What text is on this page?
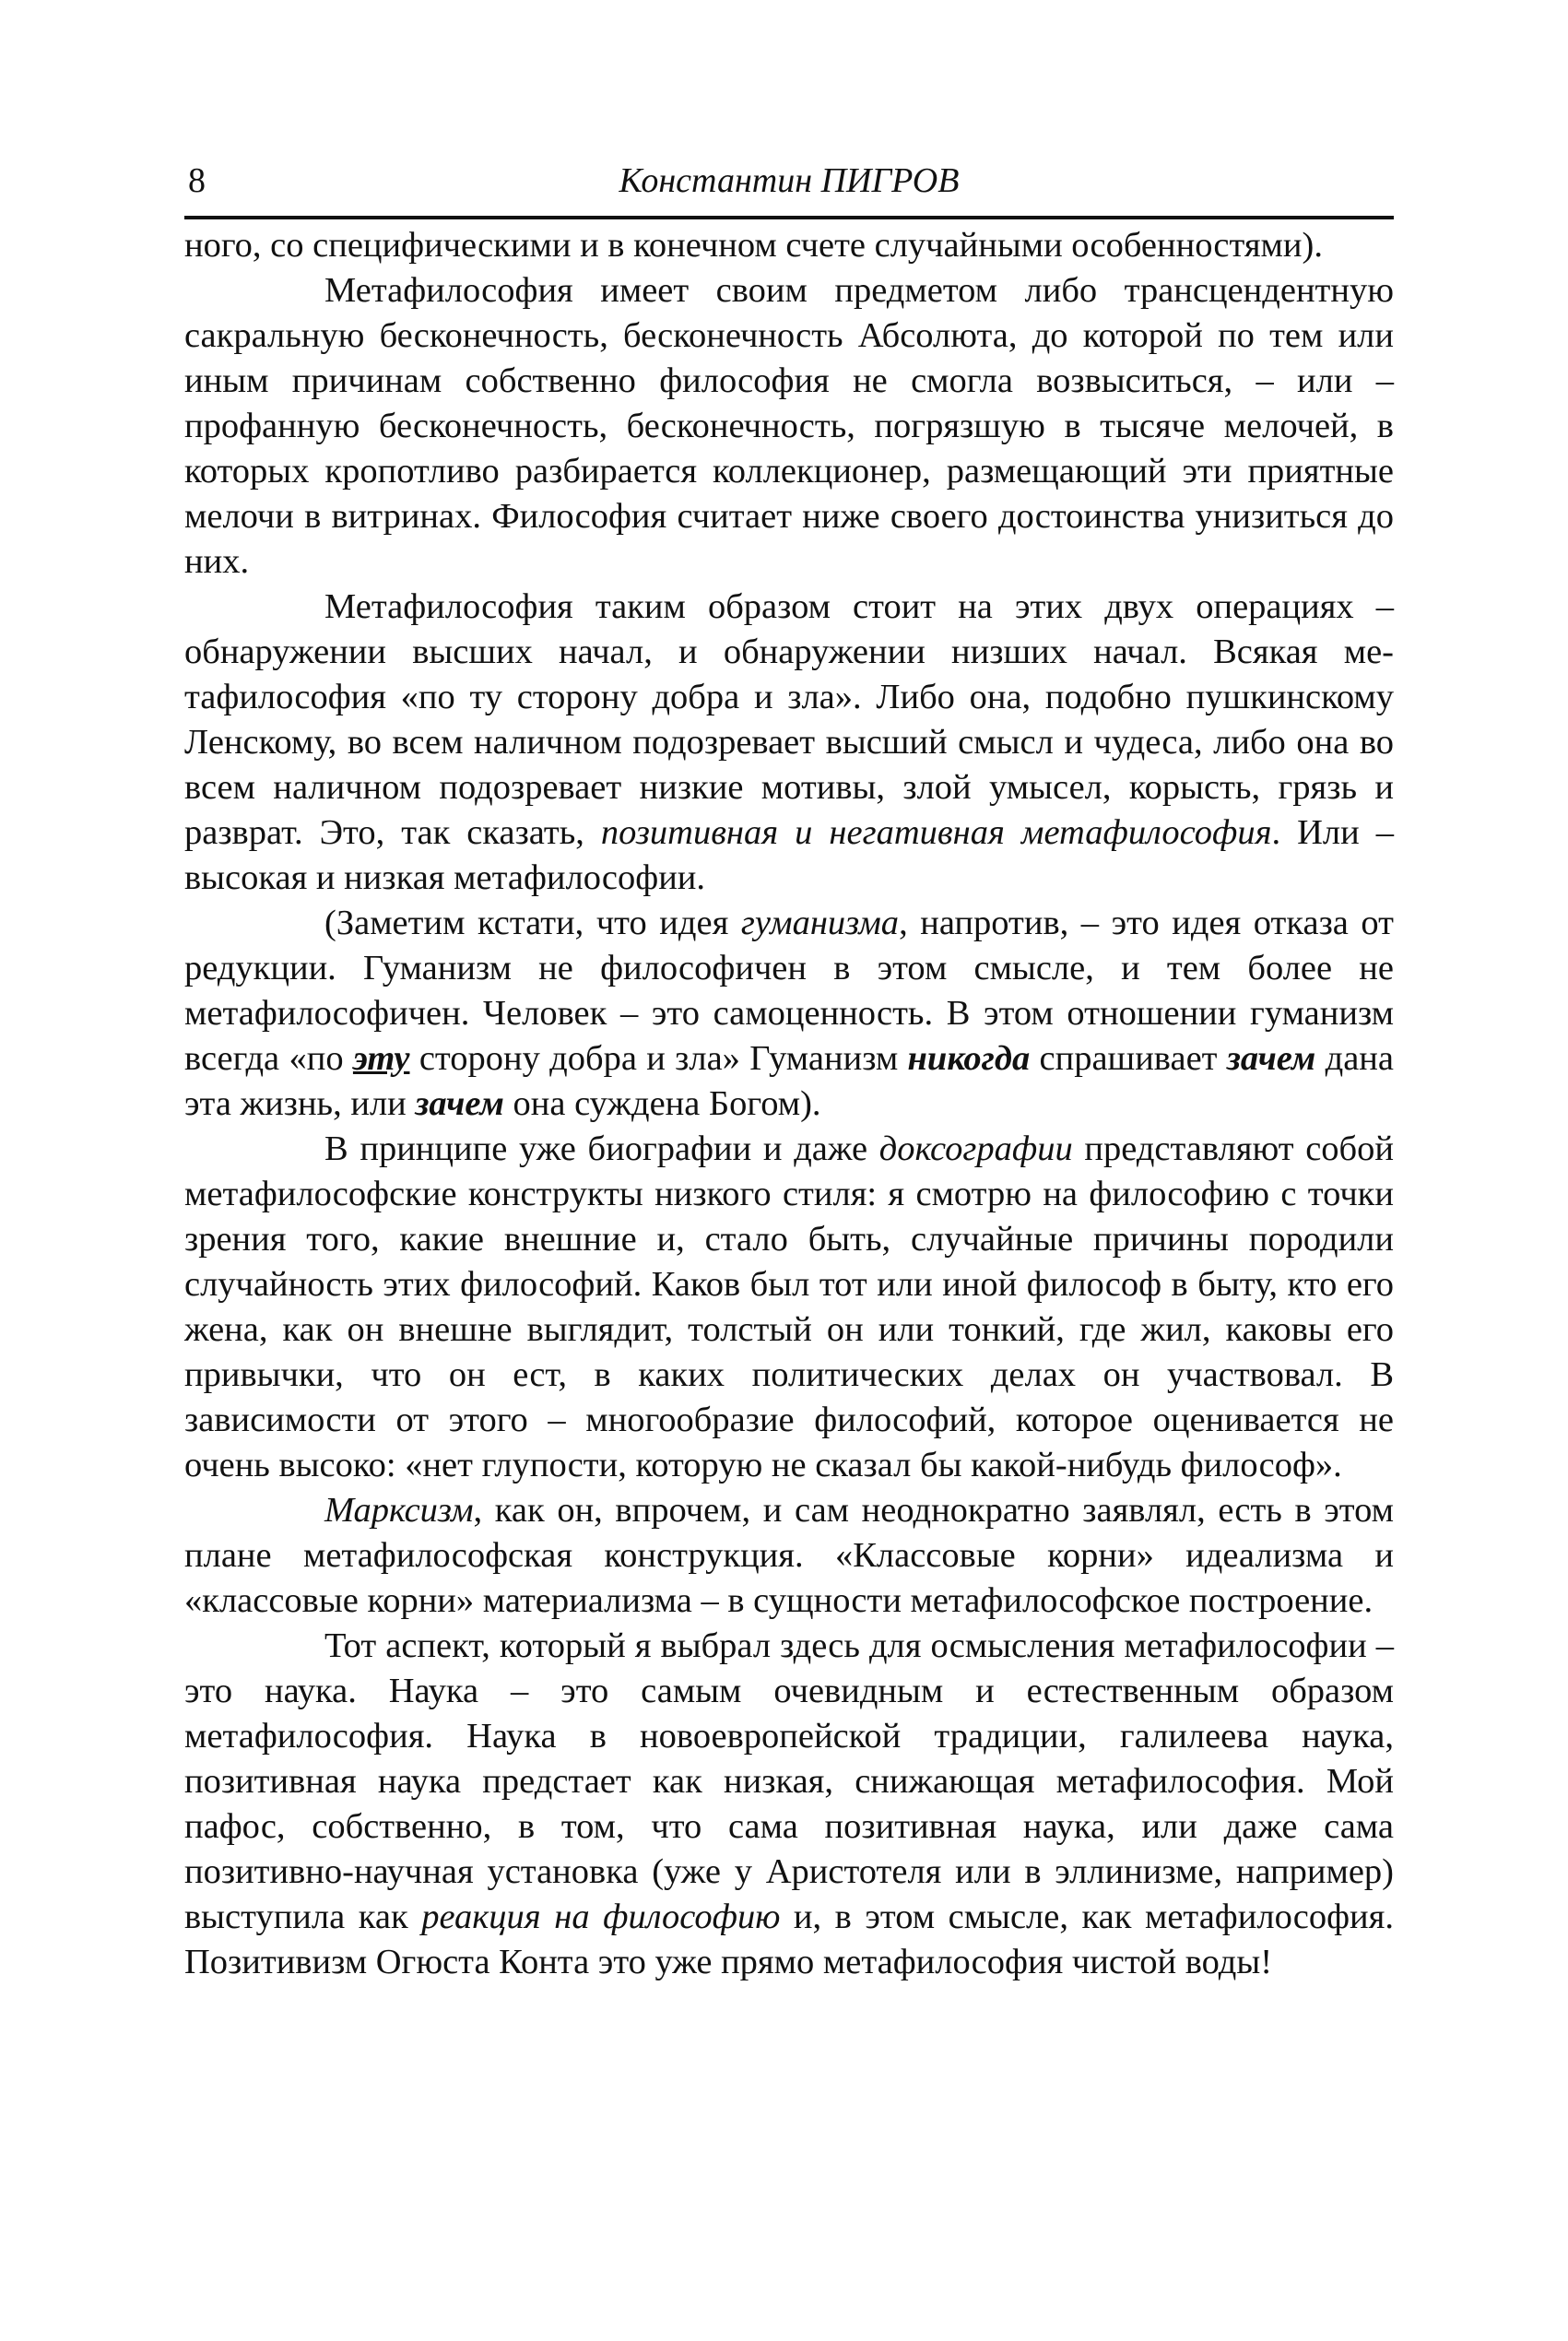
8	Константин ПИГРОВ

ного, со специфическими и в конечном счете случайными особенностями).

Метафилософия имеет своим предметом либо трансцендентную сакральную бесконечность, бесконечность Абсолюта, до которой по тем или иным причинам собственно философия не смогла возвыситься, – или – профанную бесконечность, бесконечность, погрязшую в тысяче мелочей, в которых кропотливо разбирается коллекционер, размещающий эти приятные мелочи в витринах. Философия считает ниже своего достоинства унизиться до них.

Метафилософия таким образом стоит на этих двух операциях – обнаружении высших начал, и обнаружении низших начал. Всякая метафилософия «по ту сторону добра и зла». Либо она, подобно пушкинскому Ленскому, во всем наличном подозревает высший смысл и чудеса, либо она во всем наличном подозревает низкие мотивы, злой умысел, корысть, грязь и разврат. Это, так сказать, позитивная и негативная метафилософия. Или – высокая и низкая метафилософии.

(Заметим кстати, что идея гуманизма, напротив, – это идея отказа от редукции. Гуманизм не философичен в этом смысле, и тем более не метафилософичен. Человек – это самоценность. В этом отношении гуманизм всегда «по эту сторону добра и зла» Гуманизм никогда спрашивает зачем дана эта жизнь, или зачем она суждена Богом).

В принципе уже биографии и даже доксографии представляют собой метафилософские конструкты низкого стиля: я смотрю на философию с точки зрения того, какие внешние и, стало быть, случайные причины породили случайность этих философий. Каков был тот или иной философ в быту, кто его жена, как он внешне выглядит, толстый он или тонкий, где жил, каковы его привычки, что он ест, в каких политических делах он участвовал. В зависимости от этого – многообразие философий, которое оценивается не очень высоко: «нет глупости, которую не сказал бы какой-нибудь философ».

Марксизм, как он, впрочем, и сам неоднократно заявлял, есть в этом плане метафилософская конструкция. «Классовые корни» идеализма и «классовые корни» материализма – в сущности метафилософское построение.

Тот аспект, который я выбрал здесь для осмысления метафилософии – это наука. Наука – это самым очевидным и естественным образом метафилософия. Наука в новоевропейской традиции, галилеева наука, позитивная наука предстает как низкая, снижающая метафилософия. Мой пафос, собственно, в том, что сама позитивная наука, или даже сама позитивно-научная установка (уже у Аристотеля или в эллинизме, например) выступила как реакция на философию и, в этом смысле, как метафилософия. Позитивизм Огюста Конта это уже прямо метафилософия чистой воды!
